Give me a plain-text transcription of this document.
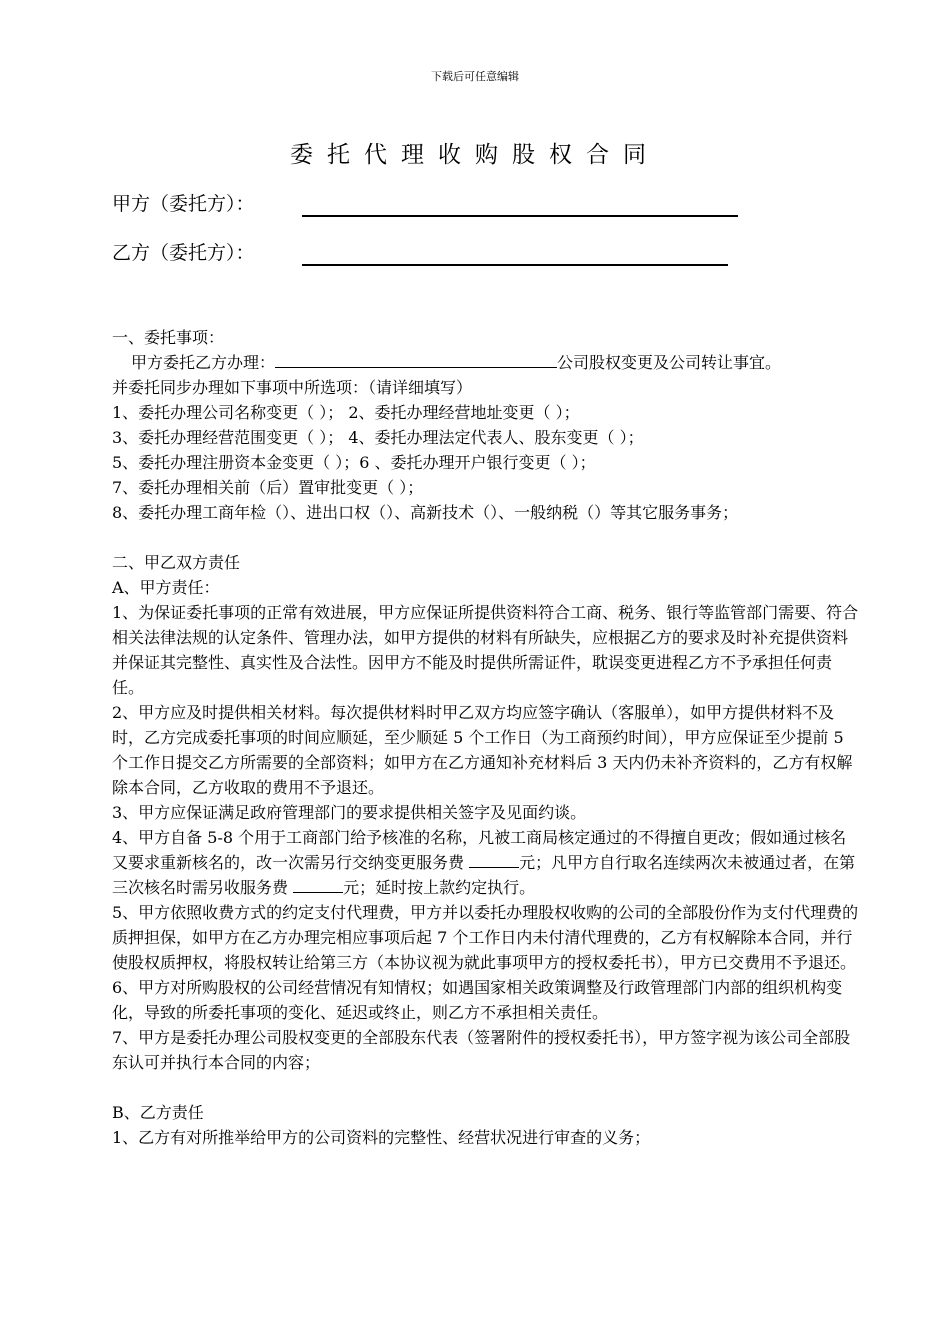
下载后可任意编辑
委托代理收购股权合同
甲方（委托方）：
乙方（委托方）：

一、委托事项：

甲方委托乙方办理：	公司股权变更及公司转让事宜。

并委托同步办理如下事项中所选项：（请详细填写）

1、委托办理公司名称变更（ ）； 2、委托办理经营地址变更（ ）；

3、委托办理经营范围变更（ ）； 4、委托办理法定代表人、股东变更（ ）；

5、委托办理注册资本金变更（ ）；6 、委托办理开户银行变更（ ）；

7、委托办理相关前（后）置审批变更（ ）；

8、委托办理工商年检（）、进出口权（）、高新技术（）、一般纳税（）等其它服务事务；

二、甲乙双方责任

A、甲方责任：

1、为保证委托事项的正常有效进展，甲方应保证所提供资料符合工商、税务、银行等监管部门需要、符合相关法律法规的认定条件、管理办法，如甲方提供的材料有所缺失，应根据乙方的要求及时补充提供资料并保证其完整性、真实性及合法性。因甲方不能及时提供所需证件，耽误变更进程乙方不予承担任何责任。

2、甲方应及时提供相关材料。每次提供材料时甲乙双方均应签字确认（客服单），如甲方提供材料不及时，乙方完成委托事项的时间应顺延，至少顺延 5 个工作日（为工商预约时间），甲方应保证至少提前 5 个工作日提交乙方所需要的全部资料；如甲方在乙方通知补充材料后 3 天内仍未补齐资料的，乙方有权解除本合同，乙方收取的费用不予退还。

3、甲方应保证满足政府管理部门的要求提供相关签字及见面约谈。

4、甲方自备 5-8 个用于工商部门给予核准的名称，凡被工商局核定通过的不得擅自更改；假如通过核名又要求重新核名的，改一次需另行交纳变更服务费	元；凡甲方自行取名连续两次未被通过者，在第三次核名时需另收服务费	元；延时按上款约定执行。

5、甲方依照收费方式的约定支付代理费，甲方并以委托办理股权收购的公司的全部股份作为支付代理费的质押担保，如甲方在乙方办理完相应事项后起 7 个工作日内未付清代理费的，乙方有权解除本合同，并行使股权质押权，将股权转让给第三方（本协议视为就此事项甲方的授权委托书），甲方已交费用不予退还。

6、甲方对所购股权的公司经营情况有知情权；如遇国家相关政策调整及行政管理部门内部的组织机构变化，导致的所委托事项的变化、延迟或终止，则乙方不承担相关责任。

7、甲方是委托办理公司股权变更的全部股东代表（签署附件的授权委托书），甲方签字视为该公司全部股东认可并执行本合同的内容；

B、乙方责任

1、乙方有对所推举给甲方的公司资料的完整性、经营状况进行审查的义务；
